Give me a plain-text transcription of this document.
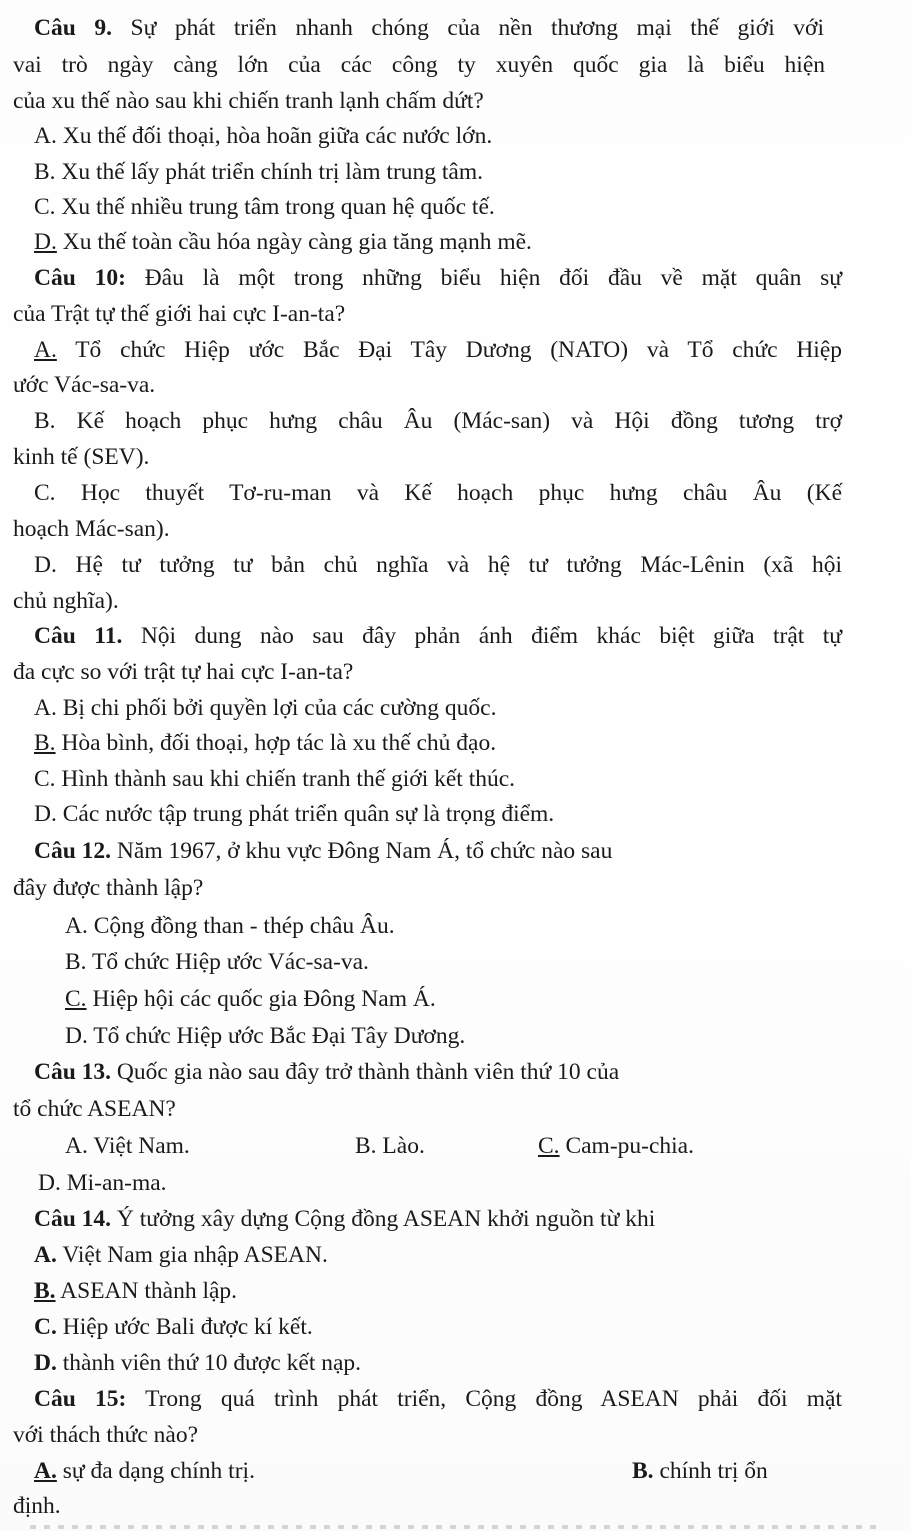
Câu 9. Sự phát triển nhanh chóng của nền thương mại thế giới với
vai trò ngày càng lớn của các công ty xuyên quốc gia là biểu hiện
của xu thế nào sau khi chiến tranh lạnh chấm dứt?
A. Xu thế đối thoại, hòa hoãn giữa các nước lớn.
B. Xu thế lấy phát triển chính trị làm trung tâm.
C. Xu thế nhiều trung tâm trong quan hệ quốc tế.
D. Xu thế toàn cầu hóa ngày càng gia tăng mạnh mẽ.
Câu 10: Đâu là một trong những biểu hiện đối đầu về mặt quân sự
của Trật tự thế giới hai cực I-an-ta?
A. Tổ chức Hiệp ước Bắc Đại Tây Dương (NATO) và Tổ chức Hiệp
ước Vác-sa-va.
B. Kế hoạch phục hưng châu Âu (Mác-san) và Hội đồng tương trợ
kinh tế (SEV).
C. Học thuyết Tơ-ru-man và Kế hoạch phục hưng châu Âu (Kế
hoạch Mác-san).
D. Hệ tư tưởng tư bản chủ nghĩa và hệ tư tưởng Mác-Lênin (xã hội
chủ nghĩa).
Câu 11. Nội dung nào sau đây phản ánh điểm khác biệt giữa trật tự
đa cực so với trật tự hai cực I-an-ta?
A. Bị chi phối bởi quyền lợi của các cường quốc.
B. Hòa bình, đối thoại, hợp tác là xu thế chủ đạo.
C. Hình thành sau khi chiến tranh thế giới kết thúc.
D. Các nước tập trung phát triển quân sự là trọng điểm.
Câu 12. Năm 1967, ở khu vực Đông Nam Á, tổ chức nào sau
đây được thành lập?
A. Cộng đồng than - thép châu Âu.
B. Tổ chức Hiệp ước Vác-sa-va.
C. Hiệp hội các quốc gia Đông Nam Á.
D. Tổ chức Hiệp ước Bắc Đại Tây Dương.
Câu 13. Quốc gia nào sau đây trở thành thành viên thứ 10 của
tổ chức ASEAN?
A. Việt Nam.	B. Lào.	C. Cam-pu-chia.
D. Mi-an-ma.
Câu 14. Ý tưởng xây dựng Cộng đồng ASEAN khởi nguồn từ khi
A. Việt Nam gia nhập ASEAN.
B. ASEAN thành lập.
C. Hiệp ước Bali được kí kết.
D. thành viên thứ 10 được kết nạp.
Câu 15: Trong quá trình phát triển, Cộng đồng ASEAN phải đối mặt
với thách thức nào?
A. sự đa dạng chính trị.	B. chính trị ổn
định.
